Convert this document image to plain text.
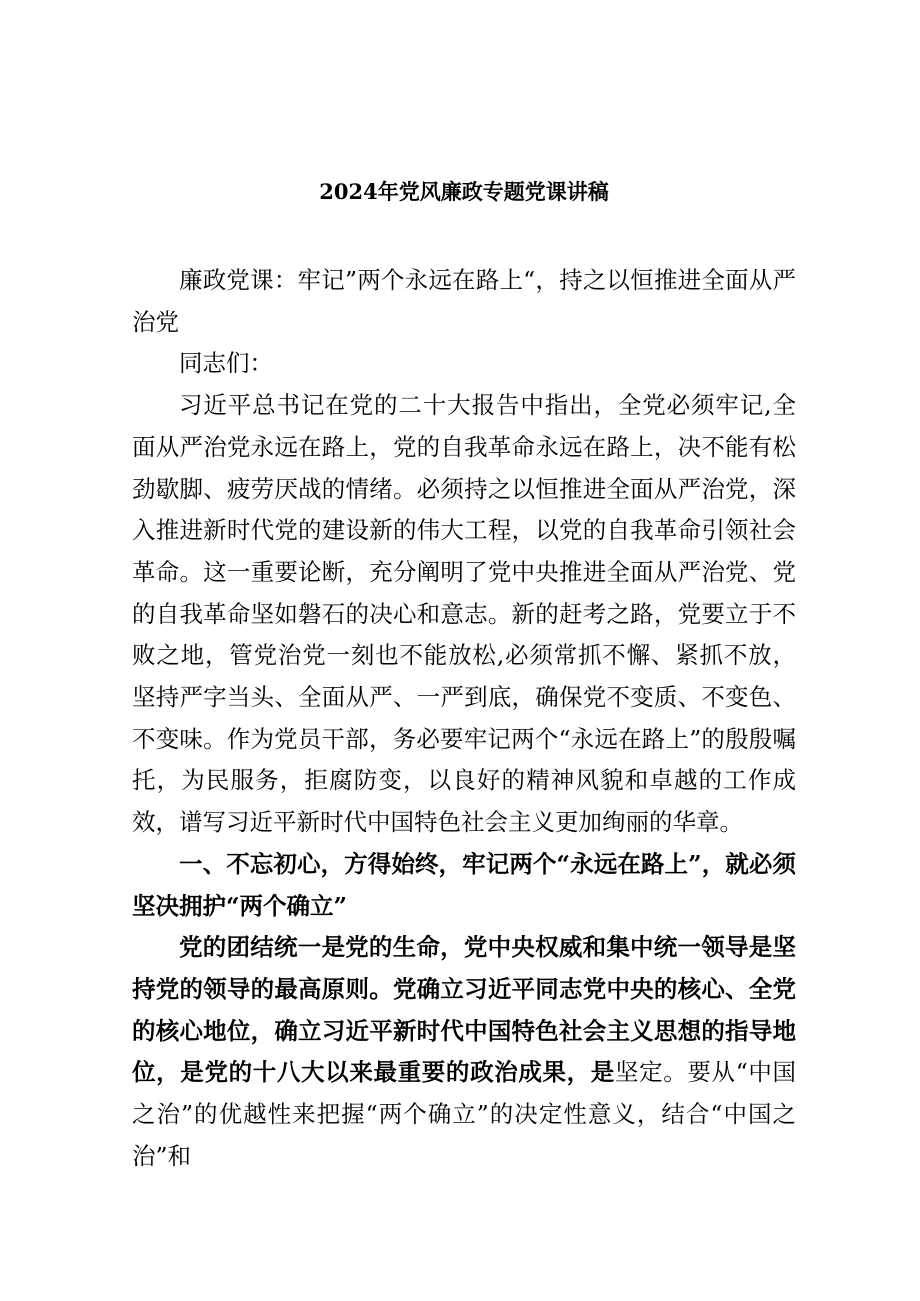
2024年党风廉政专题党课讲稿

廉政党课：牢记”两个永远在路上“，持之以恒推进全面从严治党

同志们：

习近平总书记在党的二十大报告中指出，全党必须牢记,全面从严治党永远在路上，党的自我革命永远在路上，决不能有松劲歇脚、疲劳厌战的情绪。必须持之以恒推进全面从严治党，深入推进新时代党的建设新的伟大工程，以党的自我革命引领社会革命。这一重要论断，充分阐明了党中央推进全面从严治党、党的自我革命坚如磐石的决心和意志。新的赶考之路，党要立于不败之地，管党治党一刻也不能放松,必须常抓不懈、紧抓不放，坚持严字当头、全面从严、一严到底，确保党不变质、不变色、不变味。作为党员干部，务必要牢记两个“永远在路上”的殷殷嘱托，为民服务，拒腐防变，以良好的精神风貌和卓越的工作成效，谱写习近平新时代中国特色社会主义更加绚丽的华章。

一、不忘初心，方得始终，牢记两个“永远在路上”，就必须坚决拥护“两个确立”

党的团结统一是党的生命，党中央权威和集中统一领导是坚持党的领导的最高原则。党确立习近平同志党中央的核心、全党的核心地位，确立习近平新时代中国特色社会主义思想的指导地位，是党的十八大以来最重要的政治成果，是坚定。要从“中国之治”的优越性来把握“两个确立”的决定性意义，结合“中国之治”和
